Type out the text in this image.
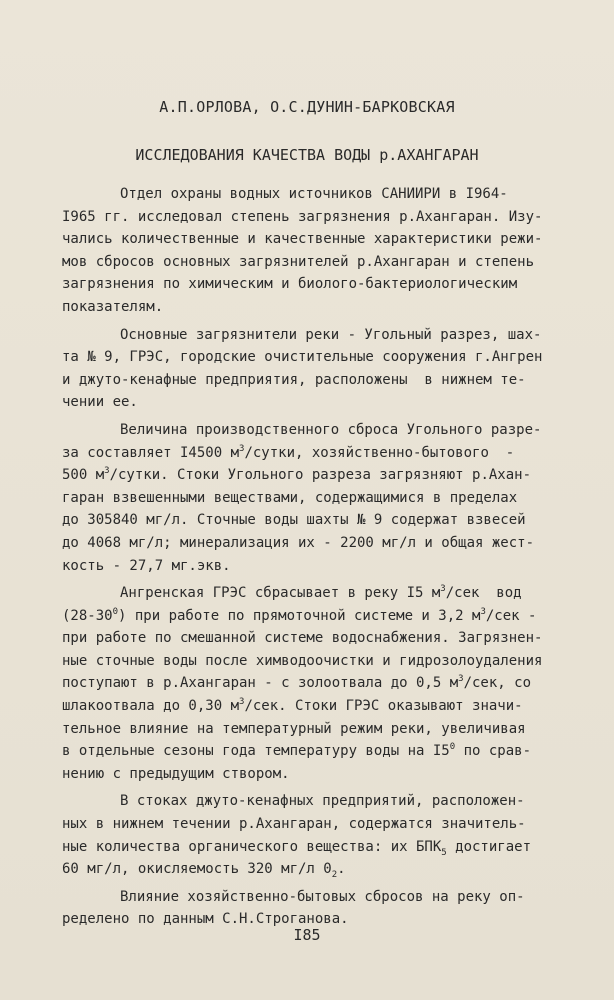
А.П.ОРЛОВА, О.С.ДУНИН-БАРКОВСКАЯ
ИССЛЕДОВАНИЯ КАЧЕСТВА ВОДЫ р.АХАНГАРАН
Отдел охраны водных источников САНИИРИ в I964-
I965 гг. исследовал степень загрязнения р.Ахангаран. Изу-
чались количественные и качественные характеристики режи-
мов сбросов основных загрязнителей р.Ахангаран и степень
загрязнения по химическим и биолого-бактериологическим
показателям.
Основные загрязнители реки - Угольный разрез, шах-
та № 9, ГРЭС, городские очистительные сооружения г.Ангрен
и джуто-кенафные предприятия, расположены  в нижнем те-
чении ее.
Величина производственного сброса Угольного разре-
за составляет I4500 $м^3$/сутки, хозяйственно-бытового  -
500 $м^3$/сутки. Стоки Угольного разреза загрязняют р.Ахан-
гаран взвешенными веществами, содержащимися в пределах
до 305840 мг/л. Сточные воды шахты № 9 содержат взвесей
до 4068 мг/л; минерализация их - 2200 мг/л и общая жест-
кость - 27,7 мг.экв.
Ангренская ГРЭС сбрасывает в реку I5 $м^3$/сек  вод
$(28-30^0)$ при работе по прямоточной системе и 3,2 $м^3$/сек -
при работе по смешанной системе водоснабжения. Загрязнен-
ные сточные воды после химводоочистки и гидрозолоудаления
поступают в р.Ахангаран - с золоотвала до 0,5 $м^3$/сек, со
шлакоотвала до 0,30 $м^3$/сек. Стоки ГРЭС оказывают значи-
тельное влияние на температурный режим реки, увеличивая
в отдельные сезоны года температуру воды на $I5^0$ по срав-
нению с предыдущим створом.
В стоках джуто-кенафных предприятий, расположен-
ных в нижнем течении р.Ахангаран, содержатся значитель-
ные количества органического вещества: их $БПК_5$ достигает
60 мг/л, окисляемость 320 мг/л $0_2$.
Влияние хозяйственно-бытовых сбросов на реку оп-
ределено по данным С.Н.Строганова.
I85
